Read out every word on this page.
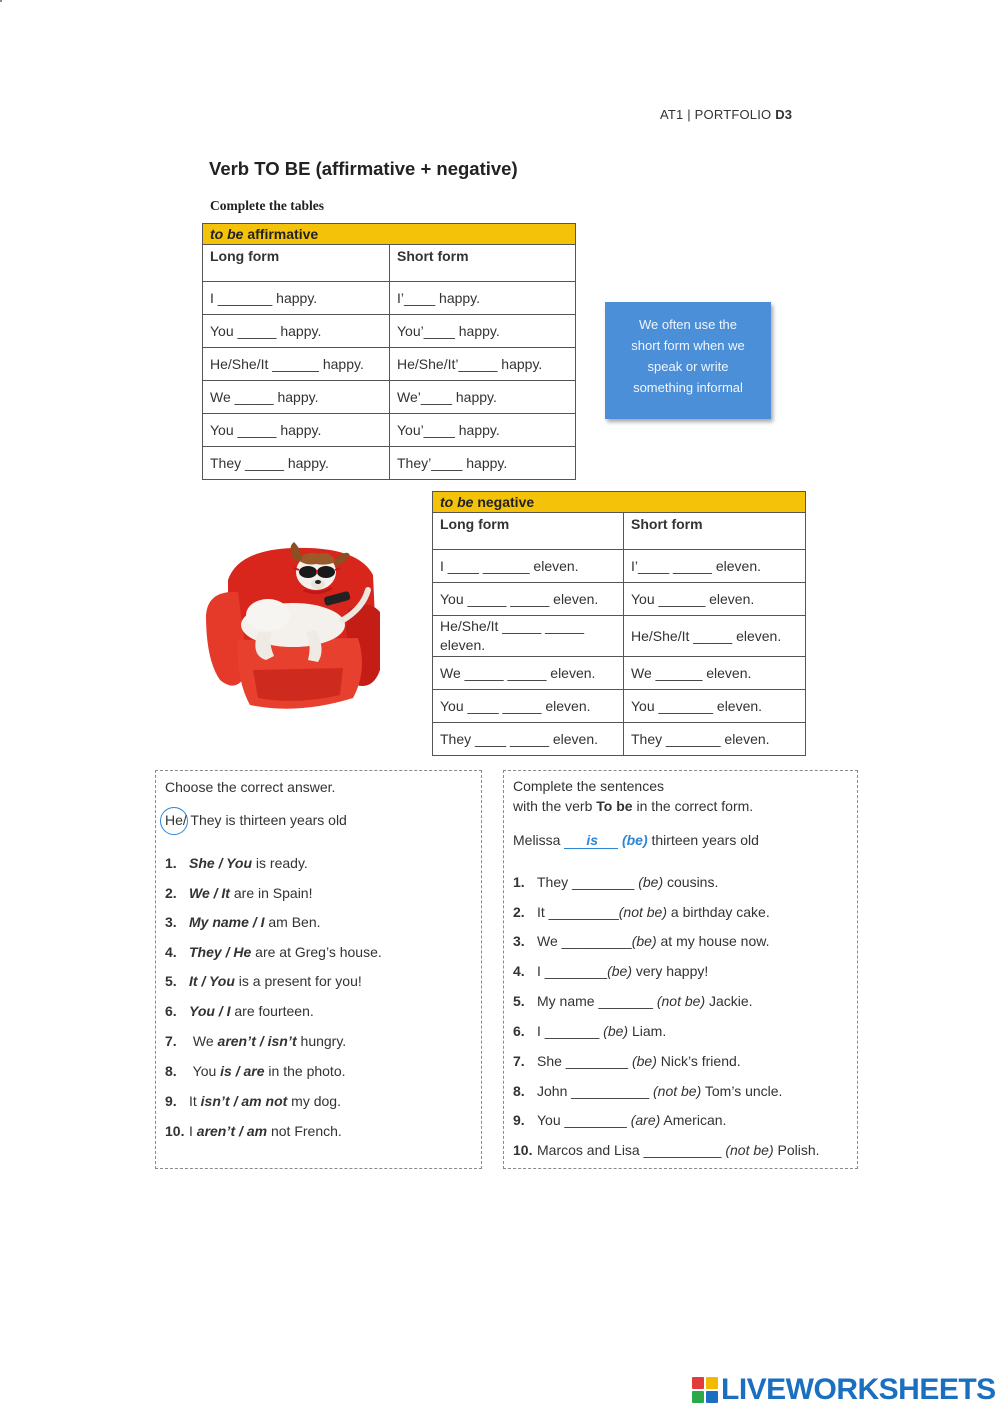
AT1 | PORTFOLIO D3
Verb TO BE (affirmative + negative)
Complete the tables
to be affirmative	
Long form	Short form
I _______ happy.	I’____ happy.
You _____ happy.	You’____ happy.
He/She/It ______ happy.	He/She/It’_____ happy.
We _____ happy.	We’____ happy.
You _____ happy.	You’____ happy.
They _____ happy.	They’____ happy.
We often use the
short form when we
speak or write
something informal
to be negative	
Long form	Short form
I ____ ______ eleven.	I’____ _____ eleven.
You _____ _____ eleven.	You ______ eleven.
He/She/It _____ _____ eleven.	He/She/It _____ eleven.
We _____ _____ eleven.	We ______ eleven.
You ____ _____ eleven.	You _______ eleven.
They ____ _____ eleven.	They _______ eleven.
Choose the correct answer.
He/ They is thirteen years old
1. She / You is ready.
2. We / It are in Spain!
3. My name / I am Ben.
4. They / He are at Greg’s house.
5. It / You is a present for you!
6. You / I are fourteen.
7. We aren’t / isn’t hungry.
8. You is / are in the photo.
9. It isn’t / am not my dog.
10. I aren’t / am not French.
Complete the sentences
with the verb To be in the correct form.
Melissa is (be) thirteen years old
1. They ________ (be) cousins.
2. It _________(not be) a birthday cake.
3. We _________(be) at my house now.
4. I ________(be) very happy!
5. My name _______ (not be) Jackie.
6. I _______ (be) Liam.
7. She ________ (be) Nick’s friend.
8. John __________ (not be) Tom’s uncle.
9. You ________ (are) American.
10. Marcos and Lisa __________ (not be) Polish.
LIVEWORKSHEETS
